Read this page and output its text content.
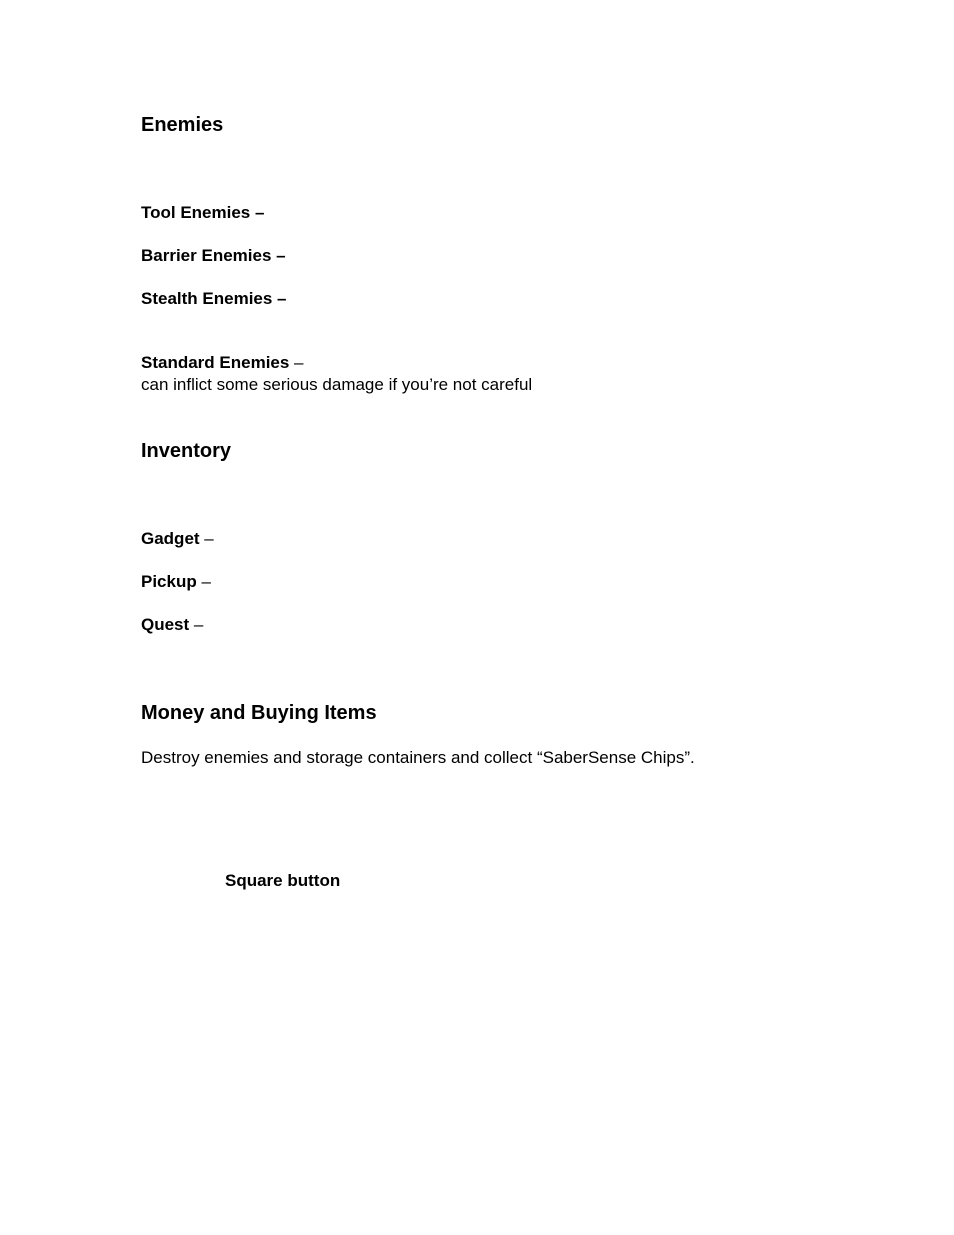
Enemies

Tool Enemies –

Barrier Enemies –

Stealth Enemies –

Standard Enemies –

can inflict some serious damage if you’re not careful

Inventory

Gadget –

Pickup –

Quest –

Money and Buying Items

Destroy enemies and storage containers and collect “SaberSense Chips”.

Square button
